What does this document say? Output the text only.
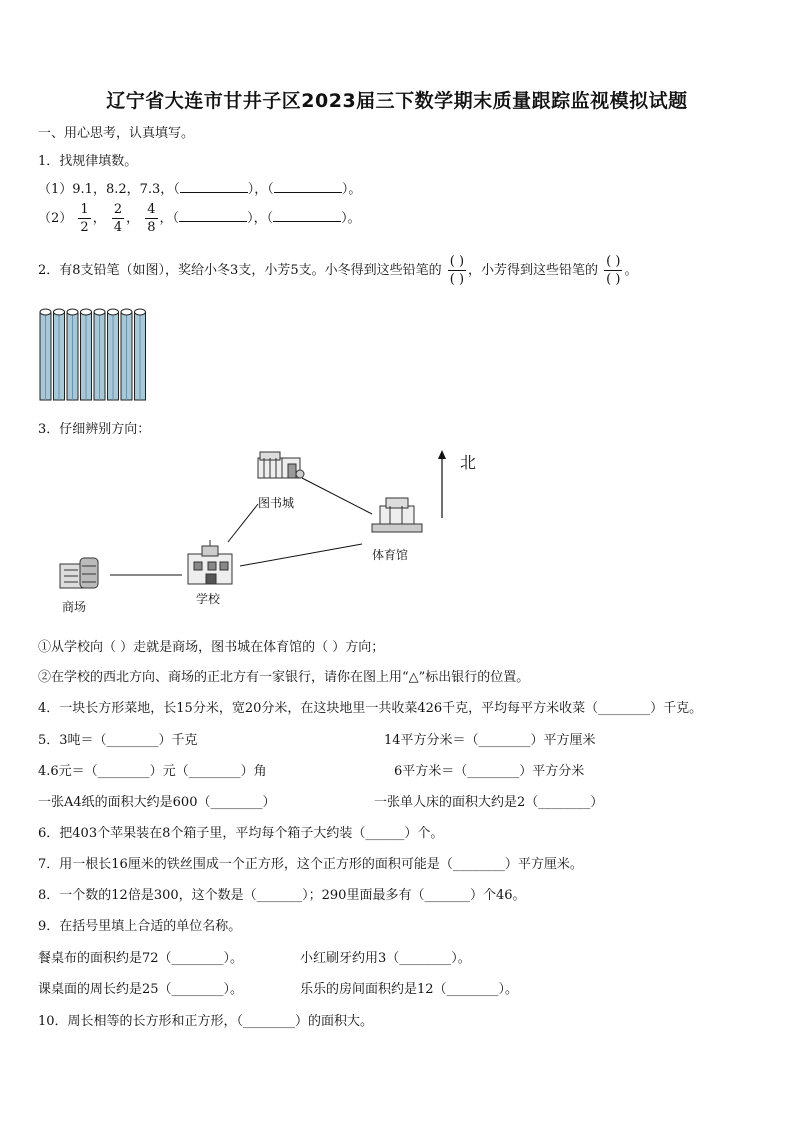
辽宁省大连市甘井子区2023届三下数学期末质量跟踪监视模拟试题
一、用心思考，认真填写。
1．找规律填数。
（1）9.1，8.2，7.3，（	），（	）。
$(2) \frac{1}{2}$ ， $\frac{2}{4}$ ， $\frac{4}{8}$ ，（	），（	）。
2．有8支铅笔（如图），奖给小冬3支，小芳5支。小冬得到这些铅笔的 $\frac{( )}{( )}$ ，小芳得到这些铅笔的 $\frac{( )}{( )}$ 。
3．仔细辨别方向：
北
图书城
体育馆
学校
商场
①从学校向（ ）走就是商场，图书城在体育馆的（ ）方向；
②在学校的西北方向、商场的正北方有一家银行，请你在图上用“△”标出银行的位置。
4．一块长方形菜地，长15分米，宽20分米，在这块地里一共收菜426千克，平均每平方米收菜（________）千克。
5．3吨＝（________）千克	14平方分米＝（________）平方厘米
4.6元＝（________）元（________）角	6平方米＝（________）平方分米
一张A4纸的面积大约是600（________）	一张单人床的面积大约是2（________）
6．把403个苹果装在8个箱子里，平均每个箱子大约装（______）个。
7．用一根长16厘米的铁丝围成一个正方形，这个正方形的面积可能是（________）平方厘米。
8．一个数的12倍是300，这个数是（_______）；290里面最多有（_______）个46。
9．在括号里填上合适的单位名称。
餐桌布的面积约是72（________）。	小红刷牙约用3（________）。
课桌面的周长约是25（________）。	乐乐的房间面积约是12（________）。
10．周长相等的长方形和正方形，（________）的面积大。
